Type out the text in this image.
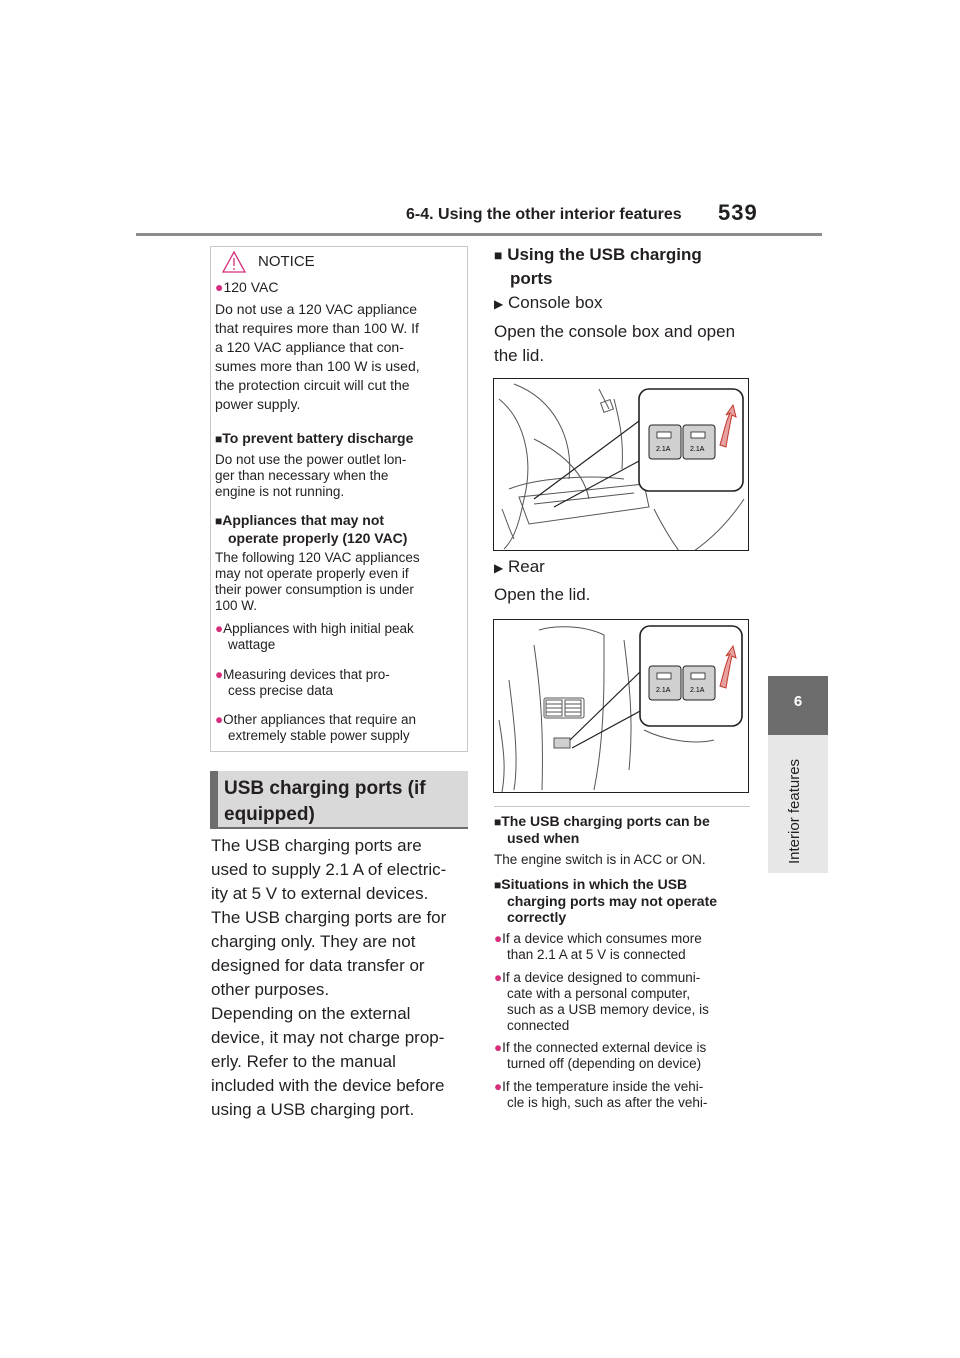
6-4. Using the other interior features 539
6
Interior features
NOTICE
●120 VAC
Do not use a 120 VAC appliance
that requires more than 100 W. If
a 120 VAC appliance that con-
sumes more than 100 W is used,
the protection circuit will cut the
power supply.
■To prevent battery discharge
Do not use the power outlet lon-
ger than necessary when the
engine is not running.
■Appliances that may not
operate properly (120 VAC)
The following 120 VAC appliances
may not operate properly even if
their power consumption is under
100 W.
●Appliances with high initial peak
wattage
●Measuring devices that pro-
cess precise data
●Other appliances that require an
extremely stable power supply
USB charging ports (if
equipped)
The USB charging ports are
used to supply 2.1 A of electric-
ity at 5 V to external devices.
The USB charging ports are for
charging only. They are not
designed for data transfer or
other purposes.
Depending on the external
device, it may not charge prop-
erly. Refer to the manual
included with the device before
using a USB charging port.
■ Using the USB charging
ports
▶ Console box
Open the console box and open
the lid.
2.1A	2.1A
▶ Rear
Open the lid.
2.1A	2.1A
■The USB charging ports can be
used when
The engine switch is in ACC or ON.
■Situations in which the USB
charging ports may not operate
correctly
●If a device which consumes more
than 2.1 A at 5 V is connected
●If a device designed to communi-
cate with a personal computer,
such as a USB memory device, is
connected
●If the connected external device is
turned off (depending on device)
●If the temperature inside the vehi-
cle is high, such as after the vehi-
